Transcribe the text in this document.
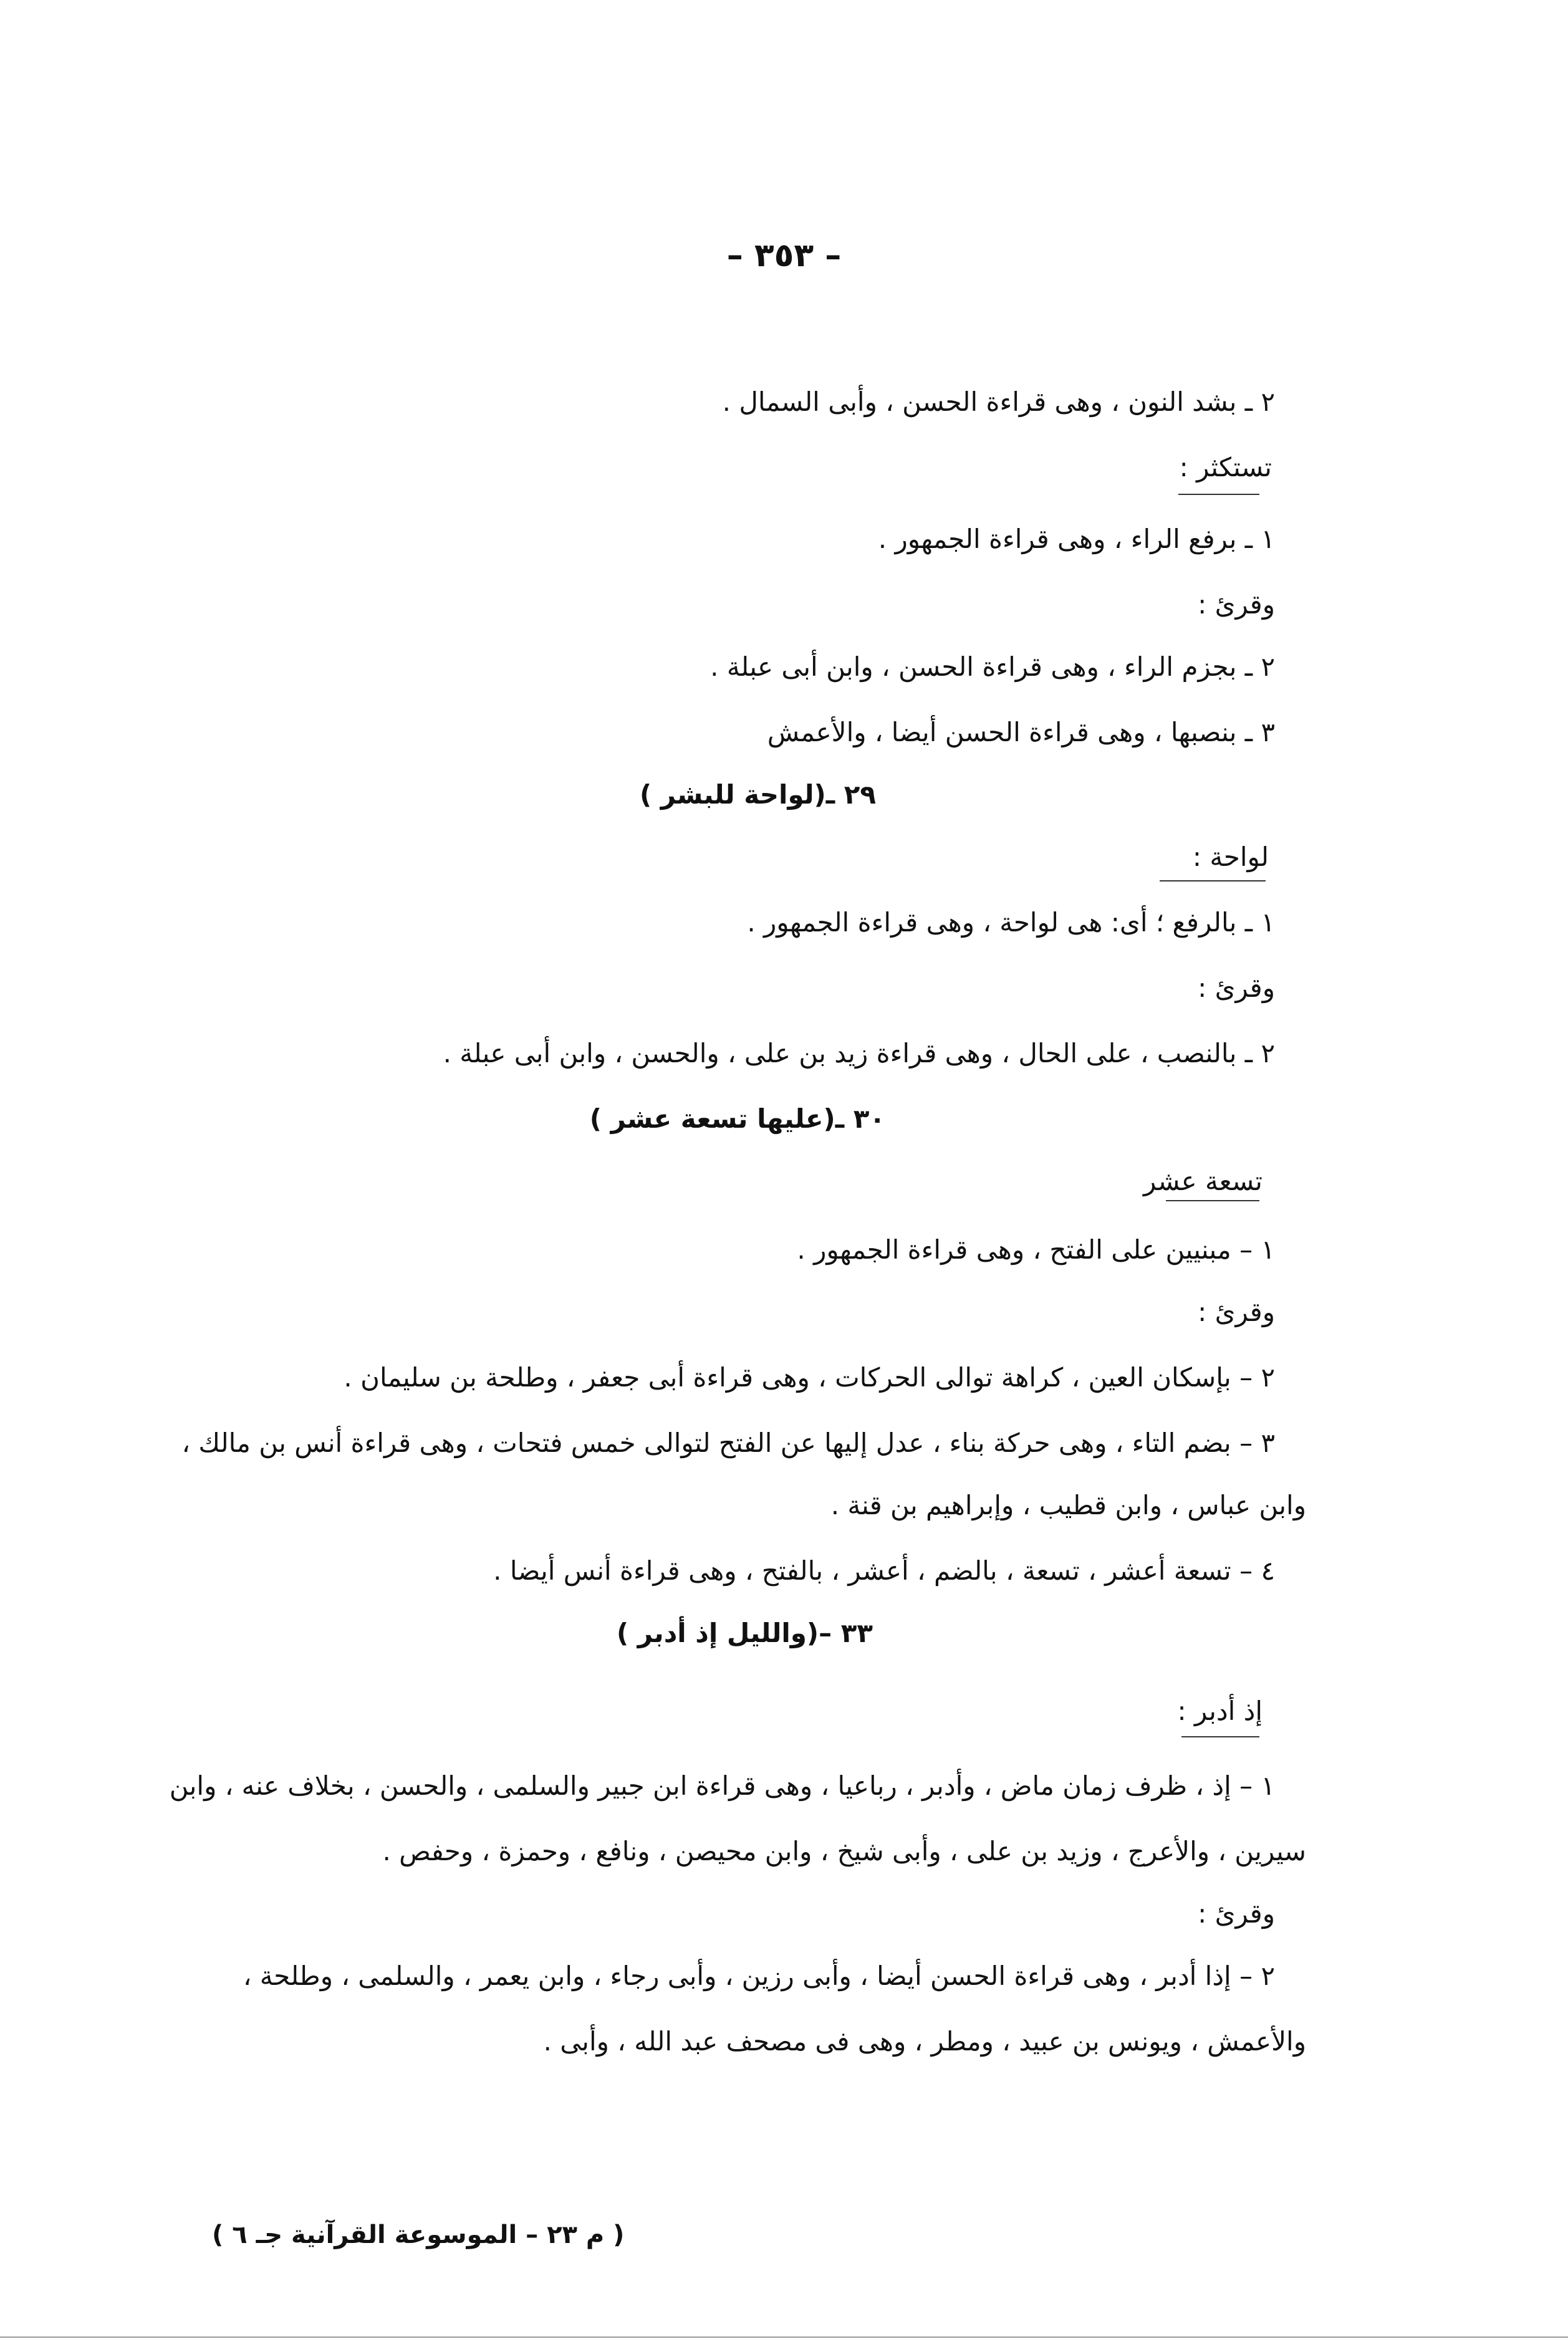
– ٣٥٣ –
٢ ـ بشد النون ، وهى قراءة الحسن ، وأبى السمال .
تستكثر :
١ ـ برفع الراء ، وهى قراءة الجمهور .
وقرئ :
٢ ـ بجزم الراء ، وهى قراءة الحسن ، وابن أبى عبلة .
٣ ـ بنصبها ، وهى قراءة الحسن أيضا ، والأعمش
٢٩ ـ(لواحة للبشر )
لواحة :
١ ـ بالرفع ؛ أى: هى لواحة ، وهى قراءة الجمهور .
وقرئ :
٢ ـ بالنصب ، على الحال ، وهى قراءة زيد بن على ، والحسن ، وابن أبى عبلة .
٣٠ ـ(عليها تسعة عشر )
تسعة عشر
١ – مبنيين على الفتح ، وهى قراءة الجمهور .
وقرئ :
٢ – بإسكان العين ، كراهة توالى الحركات ، وهى قراءة أبى جعفر ، وطلحة بن سليمان .
٣ – بضم التاء ، وهى حركة بناء ، عدل إليها عن الفتح لتوالى خمس فتحات ، وهى قراءة أنس بن مالك ،
وابن عباس ، وابن قطيب ، وإبراهيم بن قنة .
٤ – تسعة أعشر ، تسعة ، بالضم ، أعشر ، بالفتح ، وهى قراءة أنس أيضا .
٣٣ –(والليل إذ أدبر )
إذ أدبر :
١ – إذ ، ظرف زمان ماض ، وأدبر ، رباعيا ، وهى قراءة ابن جبير والسلمى ، والحسن ، بخلاف عنه ، وابن
سيرين ، والأعرج ، وزيد بن على ، وأبى شيخ ، وابن محيصن ، ونافع ، وحمزة ، وحفص .
وقرئ :
٢ – إذا أدبر ، وهى قراءة الحسن أيضا ، وأبى رزين ، وأبى رجاء ، وابن يعمر ، والسلمى ، وطلحة ،
والأعمش ، ويونس بن عبيد ، ومطر ، وهى فى مصحف عبد الله ، وأبى .
( م ٢٣ – الموسوعة القرآنية جـ ٦ )
